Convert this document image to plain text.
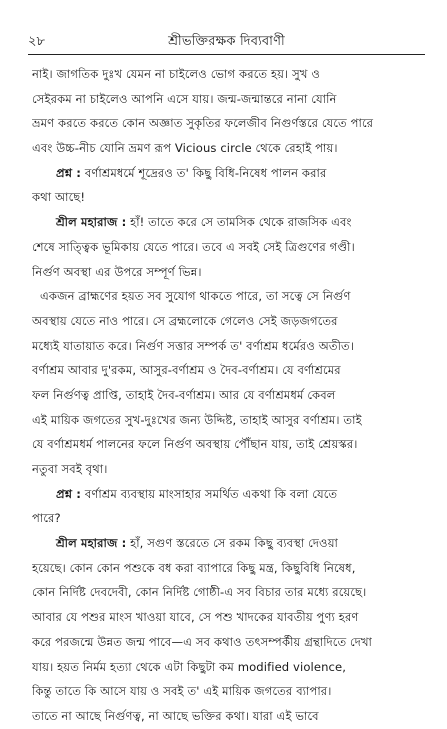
২৮	শ্রীভক্তিরক্ষক দিব্যবাণী
নাই। জাগতিক দুঃখ যেমন না চাইলেও ভোগ করতে হয়। সুখ ও
সেইরকম না চাইলেও আপনি এসে যায়। জন্ম-জন্মান্তরে নানা যোনি
ভ্রমণ করতে করতে কোন অজ্ঞাত সুকৃতির ফলেজীব নিগুর্ণস্তরে যেতে পারে
এবং উচ্চ-নীচ যোনি ভ্রমণ রূপ Vicious circle থেকে রেহাই পায়।
প্রশ্ন : বর্ণাশ্রমধর্মে শূদ্রেরও ত' কিছু বিধি-নিষেধ পালন করার
কথা আছে!
শ্রীল মহারাজ : হাঁ! তাতে করে সে তামসিক থেকে রাজসিক এবং
শেষে সাত্ত্বিক ভূমিকায় যেতে পারে। তবে এ সবই সেই ত্রিগুণের গণ্ডী।
নির্গুণ অবস্থা এর উপরে সম্পূর্ণ ভিন্ন।
একজন ব্রাহ্মণের হয়ত সব সুযোগ থাকতে পারে, তা সত্বে সে নির্গুণ
অবস্থায় যেতে নাও পারে। সে ব্রহ্মলোকে গেলেও সেই জড়জগতের
মধ্যেই যাতায়াত করে। নির্গুণ সত্তার সম্পর্ক ত' বর্ণাশ্রম ধর্মেরও অতীত।
বর্ণাশ্রম আবার দু'রকম, আসুর-বর্ণাশ্রম ও দৈব-বর্ণাশ্রম। যে বর্ণাশ্রমের
ফল নির্গুণত্ব প্রাপ্তি, তাহাই দৈব-বর্ণাশ্রম। আর যে বর্ণাশ্রমধর্ম কেবল
এই মায়িক জগতের সুখ-দুঃখের জন্য উদ্দিষ্ট, তাহাই আসুর বর্ণাশ্রম। তাই
যে বর্ণাশ্রমধর্ম পালনের ফলে নির্গুণ অবস্থায় পৌঁছান যায়, তাই শ্রেয়স্কর।
নতুবা সবই বৃথা।
প্রশ্ন : বর্ণাশ্রম ব্যবস্থায় মাংসাহার সমর্থিত একথা কি বলা যেতে
পারে?
শ্রীল মহারাজ : হাঁ, সগুণ স্তরেতে সে রকম কিছু ব্যবস্থা দেওয়া
হয়েছে। কোন কোন পশুকে বধ করা ব্যাপারে কিছু মন্ত্র, কিছুবিধি নিষেধ,
কোন নির্দিষ্ট দেবদেবী, কোন নির্দিষ্ট গোষ্ঠী-এ সব বিচার তার মধ্যে রয়েছে।
আবার যে পশুর মাংস খাওয়া যাবে, সে পশু খাদকের যাবতীয় পুণ্য হরণ
করে পরজন্মে উন্নত জন্ম পাবে—এ সব কথাও তৎসম্পর্কীয় গ্রন্থাদিতে দেখা
যায়। হয়ত নির্মম হত্যা থেকে এটা কিছুটা কম modified violence,
কিন্তু তাতে কি আসে যায় ও সবই ত' এই মায়িক জগতের ব্যাপার।
তাতে না আছে নির্গুণত্ব, না আছে ভক্তির কথা। যারা এই ভাবে
